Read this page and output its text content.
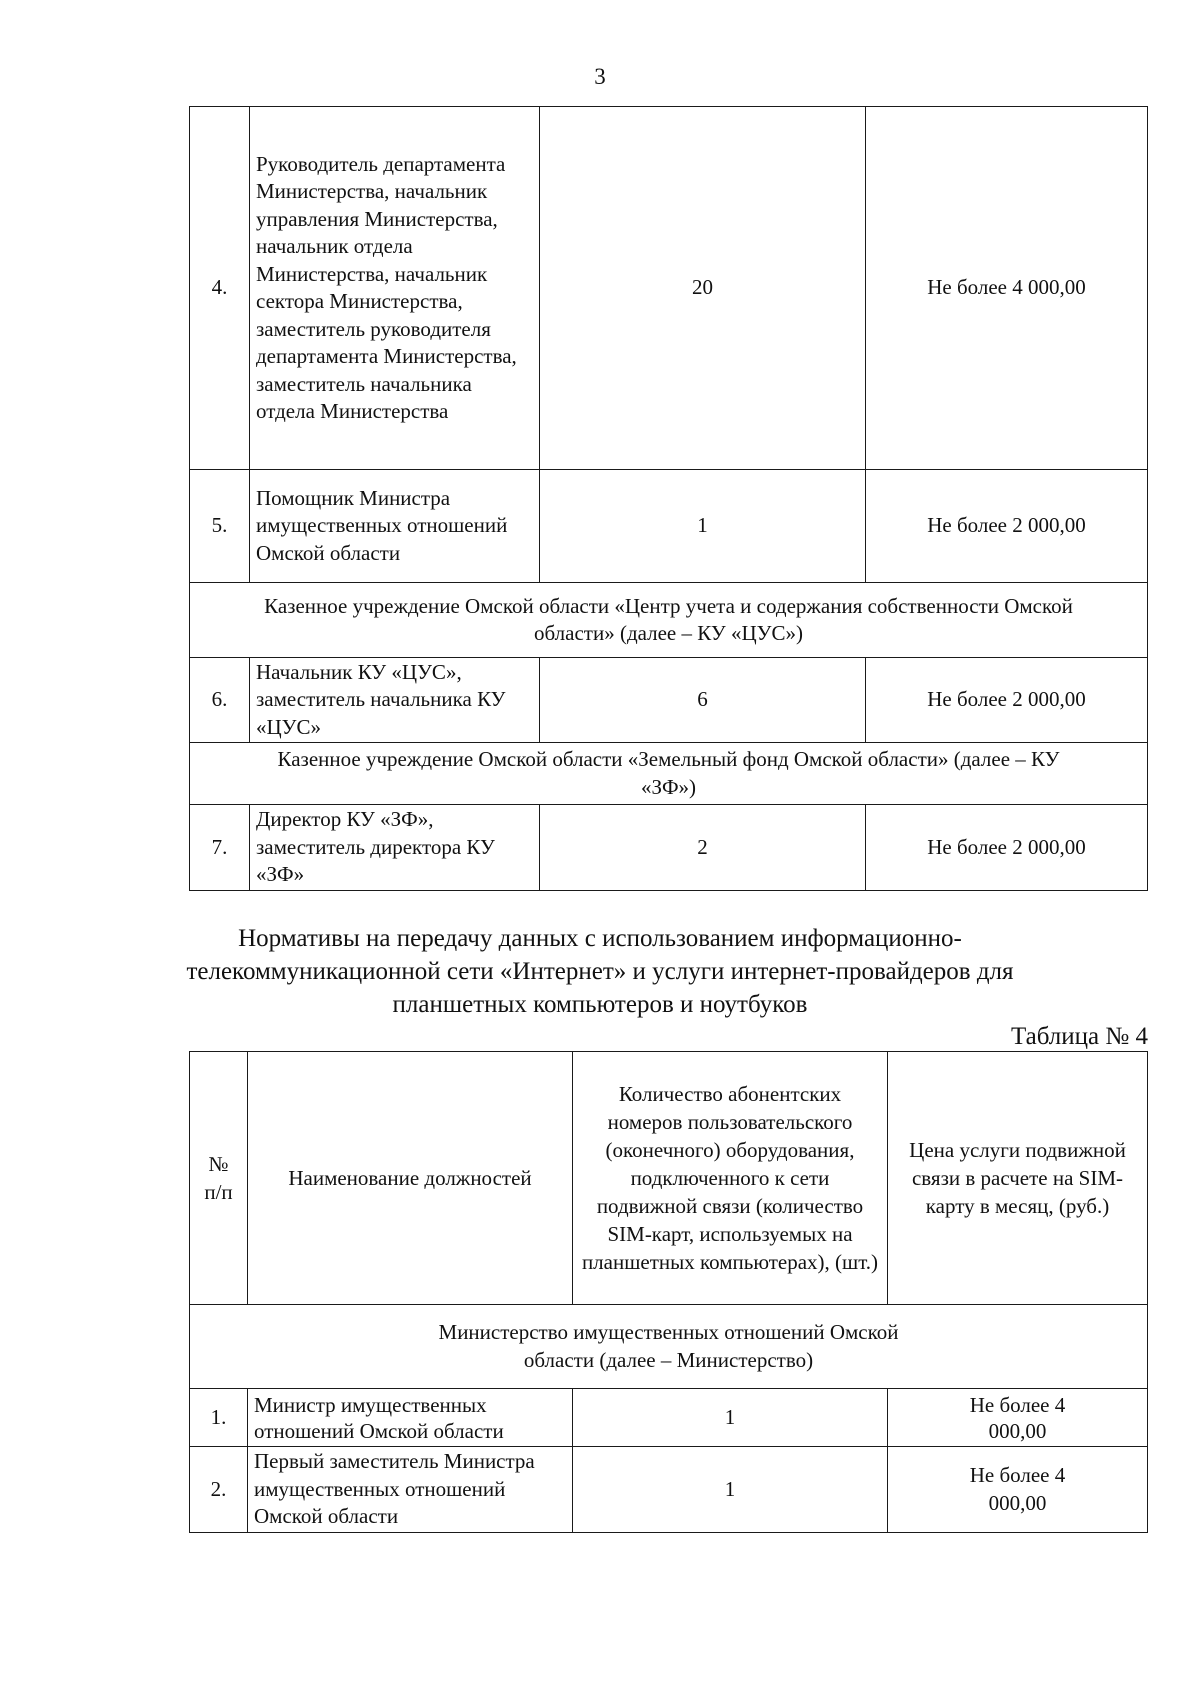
3
4.	Руководитель департамента Министерства, начальник управления Министерства, начальник отдела Министерства, начальник сектора Министерства, заместитель руководителя департамента Министерства, заместитель начальника отдела Министерства	20	Не более 4 000,00
5.	Помощник Министра имущественных отношений Омской области	1	Не более 2 000,00
Казенное учреждение Омской области «Центр учета и содержания собственности Омской области» (далее – КУ «ЦУС»)			
6.	Начальник КУ «ЦУС», заместитель начальника КУ «ЦУС»	6	Не более 2 000,00
Казенное учреждение Омской области «Земельный фонд Омской области» (далее – КУ «ЗФ»)			
7.	Директор КУ «ЗФ», заместитель директора КУ «ЗФ»	2	Не более 2 000,00
Нормативы на передачу данных с использованием информационно-телекоммуникационной сети «Интернет» и услуги интернет-провайдеров для планшетных компьютеров и ноутбуков
Таблица № 4
№ п/п	Наименование должностей	Количество абонентских номеров пользовательского (оконечного) оборудования, подключенного к сети подвижной связи (количество SIM-карт, используемых на планшетных компьютерах), (шт.)	Цена услуги подвижной связи в расчете на SIM-карту в месяц, (руб.)
Министерство имущественных отношений Омской области (далее – Министерство)			
1.	Министр имущественных отношений Омской области	1	Не более 4 000,00
2.	Первый заместитель Министра имущественных отношений Омской области	1	Не более 4 000,00
